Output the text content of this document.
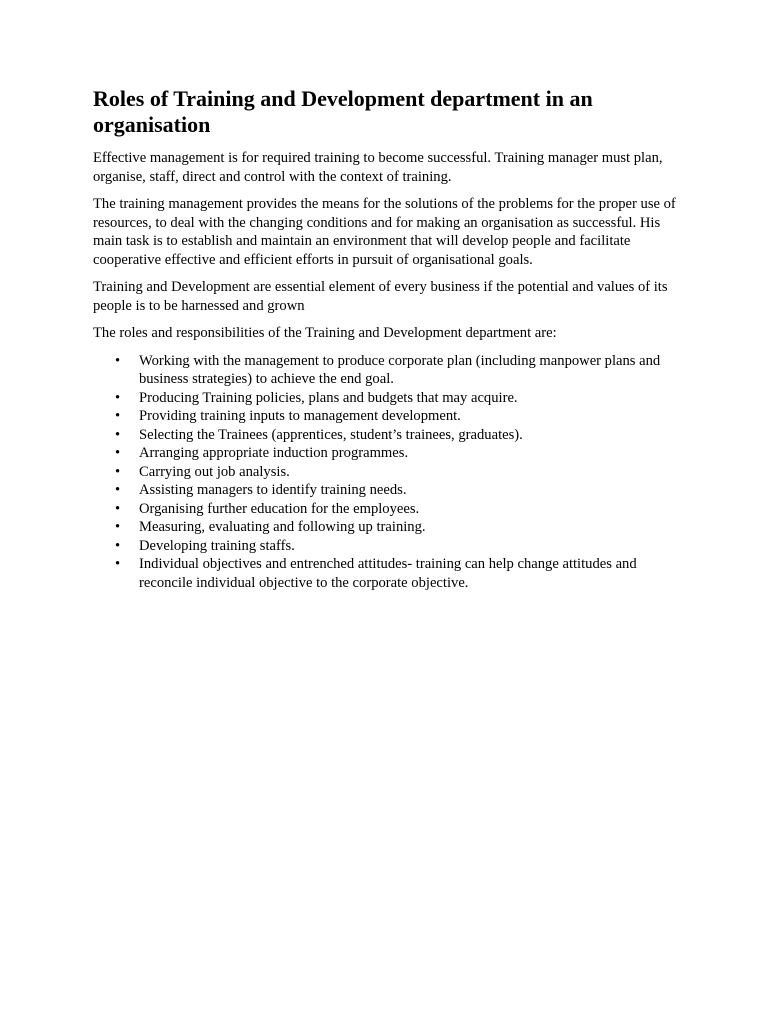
Roles of Training and Development department in an organisation

Effective management is for required training to become successful. Training manager must plan, organise, staff, direct and control with the context of training.

The training management provides the means for the solutions of the problems for the proper use of resources, to deal with the changing conditions and for making an organisation as successful. His main task is to establish and maintain an environment that will develop people and facilitate cooperative effective and efficient efforts in pursuit of organisational goals.

Training and Development are essential element of every business if the potential and values of its people is to be harnessed and grown

The roles and responsibilities of the Training and Development department are:

• Working with the management to produce corporate plan (including manpower plans and business strategies) to achieve the end goal.
• Producing Training policies, plans and budgets that may acquire.
• Providing training inputs to management development.
• Selecting the Trainees (apprentices, student’s trainees, graduates).
• Arranging appropriate induction programmes.
• Carrying out job analysis.
• Assisting managers to identify training needs.
• Organising further education for the employees.
• Measuring, evaluating and following up training.
• Developing training staffs.
• Individual objectives and entrenched attitudes- training can help change attitudes and reconcile individual objective to the corporate objective.
